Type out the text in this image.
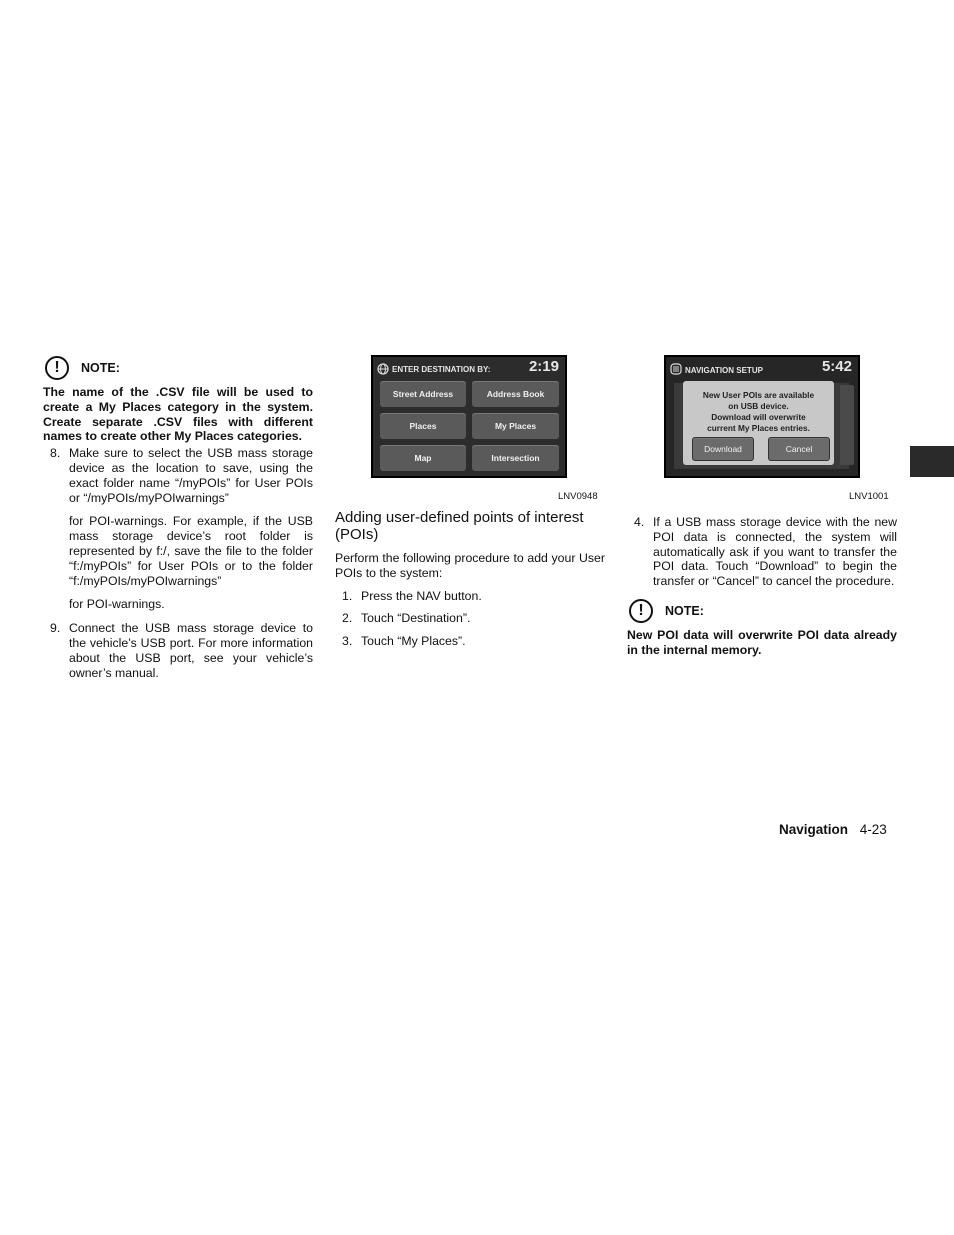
!	NOTE:
The name of the .CSV file will be used to create a My Places category in the system. Create separate .CSV files with different names to create other My Places categories.
8. Make sure to select the USB mass storage device as the location to save, using the exact folder name “/myPOIs” for User POIs or “/myPOIs/myPOIwarnings”
for POI-warnings. For example, if the USB mass storage device’s root folder is represented by f:/, save the file to the folder “f:/myPOIs” for User POIs or to the folder “f:/myPOIs/myPOIwarnings”
for POI-warnings.
9. Connect the USB mass storage device to the vehicle’s USB port. For more information about the USB port, see your vehicle’s owner’s manual.
ENTER DESTINATION BY:	2:19
Street Address	Address Book
Places	My Places
Map	Intersection
LNV0948
Adding user-defined points of interest (POIs)
Perform the following procedure to add your User POIs to the system:
1. Press the NAV button.
2. Touch “Destination”.
3. Touch “My Places”.
NAVIGATION SETUP	5:42
New User POIs are available
on USB device.
Download will overwrite
current My Places entries.
Download	Cancel
LNV1001
4. If a USB mass storage device with the new POI data is connected, the system will automatically ask if you want to transfer the POI data. Touch “Download” to begin the transfer or “Cancel” to cancel the procedure.
!	NOTE:
New POI data will overwrite POI data already in the internal memory.
Navigation 4-23
